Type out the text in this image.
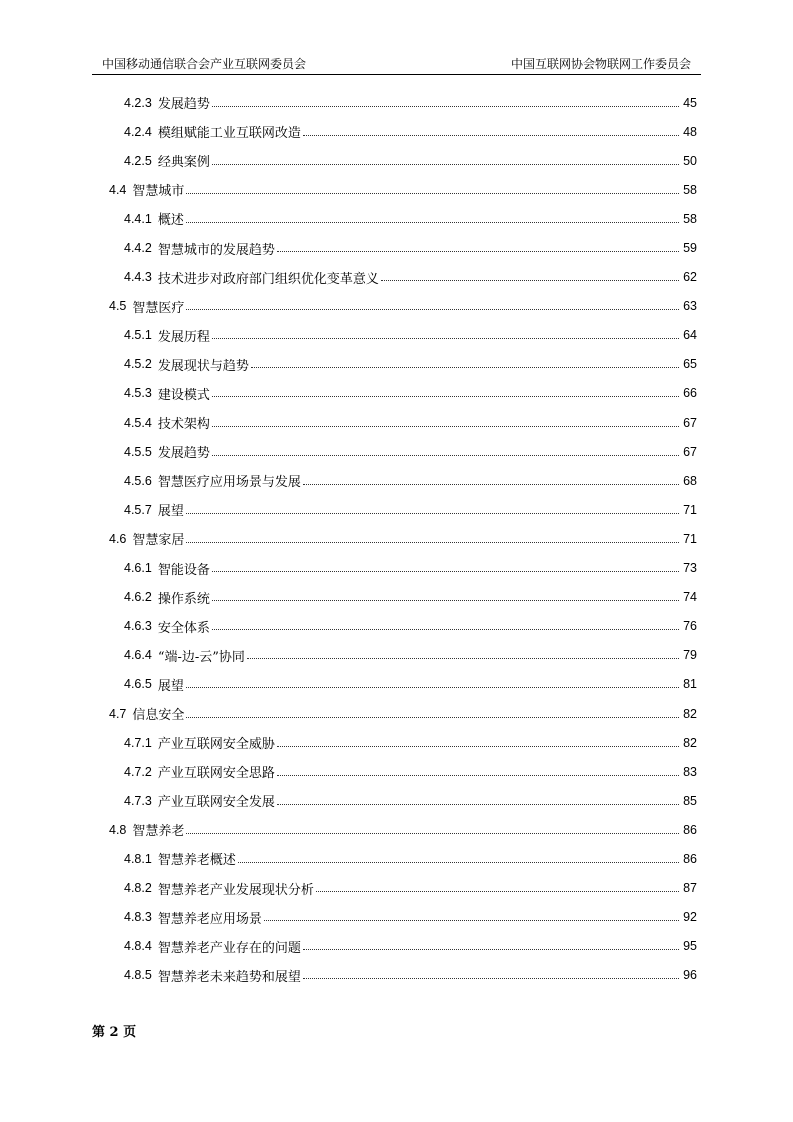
中国移动通信联合会产业互联网委员会	中国互联网协会物联网工作委员会
4.2.3 发展趋势	45
4.2.4 模组赋能工业互联网改造	48
4.2.5 经典案例	50
4.4 智慧城市	58
4.4.1 概述	58
4.4.2 智慧城市的发展趋势	59
4.4.3 技术进步对政府部门组织优化变革意义	62
4.5 智慧医疗	63
4.5.1 发展历程	64
4.5.2 发展现状与趋势	65
4.5.3 建设模式	66
4.5.4 技术架构	67
4.5.5 发展趋势	67
4.5.6 智慧医疗应用场景与发展	68
4.5.7 展望	71
4.6 智慧家居	71
4.6.1 智能设备	73
4.6.2 操作系统	74
4.6.3 安全体系	76
4.6.4 “端-边-云”协同	79
4.6.5 展望	81
4.7 信息安全	82
4.7.1 产业互联网安全威胁	82
4.7.2 产业互联网安全思路	83
4.7.3 产业互联网安全发展	85
4.8 智慧养老	86
4.8.1 智慧养老概述	86
4.8.2 智慧养老产业发展现状分析	87
4.8.3 智慧养老应用场景	92
4.8.4 智慧养老产业存在的问题	95
4.8.5 智慧养老未来趋势和展望	96
第 2 页
